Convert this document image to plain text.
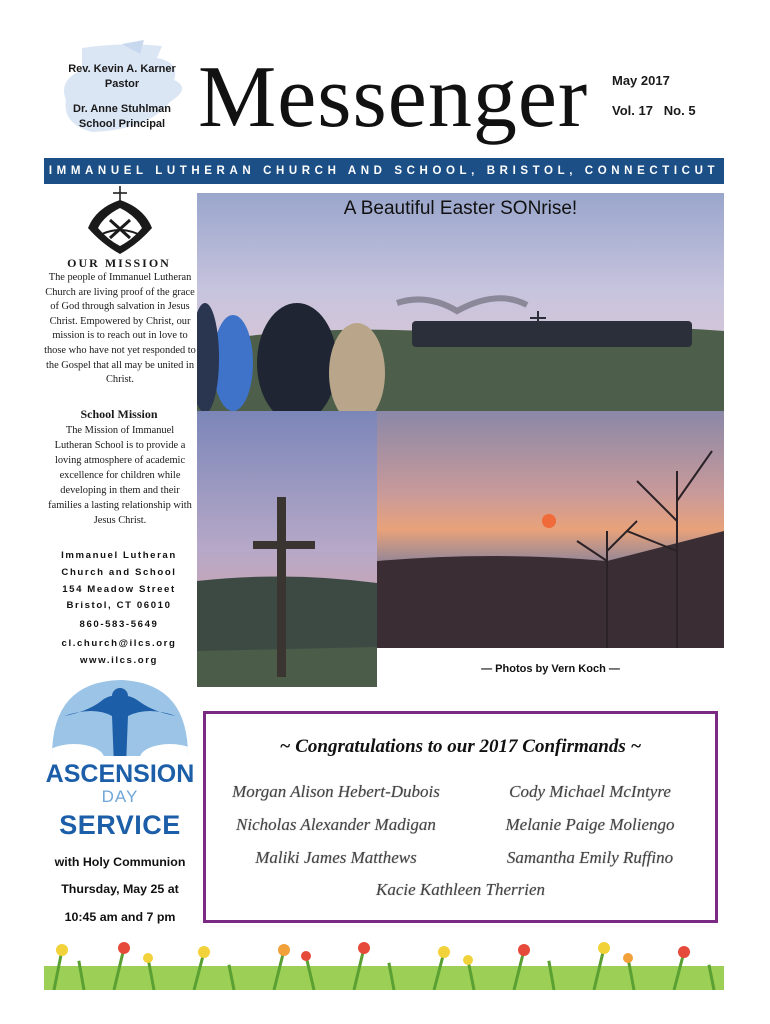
Rev. Kevin A. Karner
Pastor
Dr. Anne Stuhlman
School Principal Messenger May 2017
Vol. 17   No. 5
IMMANUEL LUTHERAN CHURCH AND SCHOOL, BRISTOL, CONNECTICUT
OUR MISSION
The people of Immanuel Lutheran Church are living proof of the grace of God through salvation in Jesus Christ. Empowered by Christ, our mission is to reach out in love to those who have not yet responded to the Gospel that all may be united in Christ.
School Mission
The Mission of Immanuel Lutheran School is to provide a loving atmosphere of academic excellence for children while developing in them and their families a lasting relationship with Jesus Christ.
Immanuel Lutheran
Church and School
154 Meadow Street
Bristol, CT 06010
860-583-5649
cl.church@ilcs.org
www.ilcs.org
A Beautiful Easter SONrise!
— Photos by Vern Koch —
ASCENSION
DAY
SERVICE
with Holy Communion
Thursday, May 25 at
10:45 am and 7 pm
~ Congratulations to our 2017 Confirmands ~
Morgan Alison Hebert-Dubois	Cody Michael McIntyre
Nicholas Alexander Madigan	Melanie Paige Moliengo
Maliki James Matthews	Samantha Emily Ruffino
Kacie Kathleen Therrien
